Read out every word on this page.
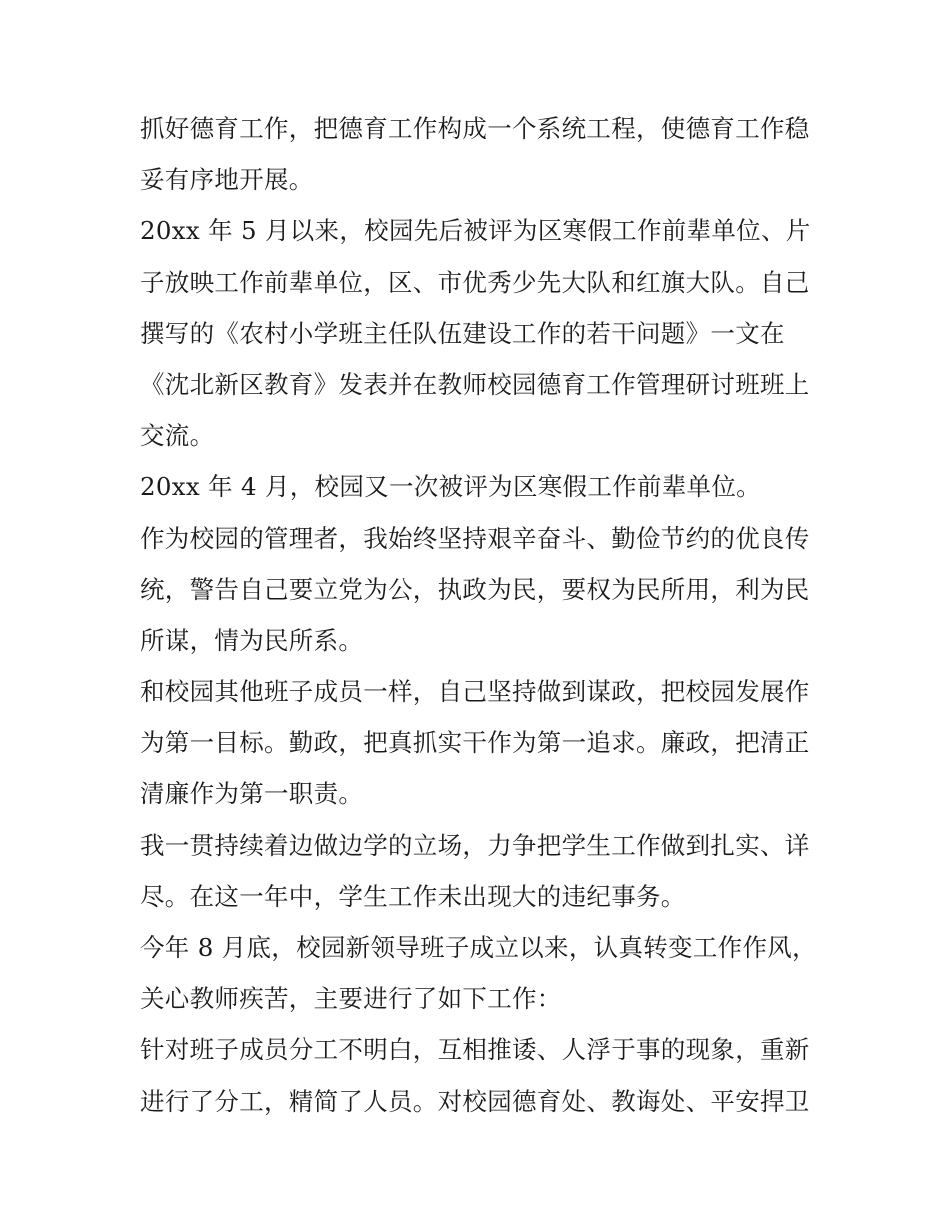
抓好德育工作，把德育工作构成一个系统工程，使德育工作稳
妥有序地开展。
20xx 年 5 月以来，校园先后被评为区寒假工作前辈单位、片
子放映工作前辈单位，区、市优秀少先大队和红旗大队。自己
撰写的《农村小学班主任队伍建设工作的若干问题》一文在
《沈北新区教育》发表并在教师校园德育工作管理研讨班班上
交流。
20xx 年 4 月，校园又一次被评为区寒假工作前辈单位。
作为校园的管理者，我始终坚持艰辛奋斗、勤俭节约的优良传
统，警告自己要立党为公，执政为民，要权为民所用，利为民
所谋，情为民所系。
和校园其他班子成员一样，自己坚持做到谋政，把校园发展作
为第一目标。勤政，把真抓实干作为第一追求。廉政，把清正
清廉作为第一职责。
我一贯持续着边做边学的立场，力争把学生工作做到扎实、详
尽。在这一年中，学生工作未出现大的违纪事务。
今年 8 月底，校园新领导班子成立以来，认真转变工作作风，
关心教师疾苦，主要进行了如下工作：
针对班子成员分工不明白，互相推诿、人浮于事的现象，重新
进行了分工，精简了人员。对校园德育处、教诲处、平安捍卫
